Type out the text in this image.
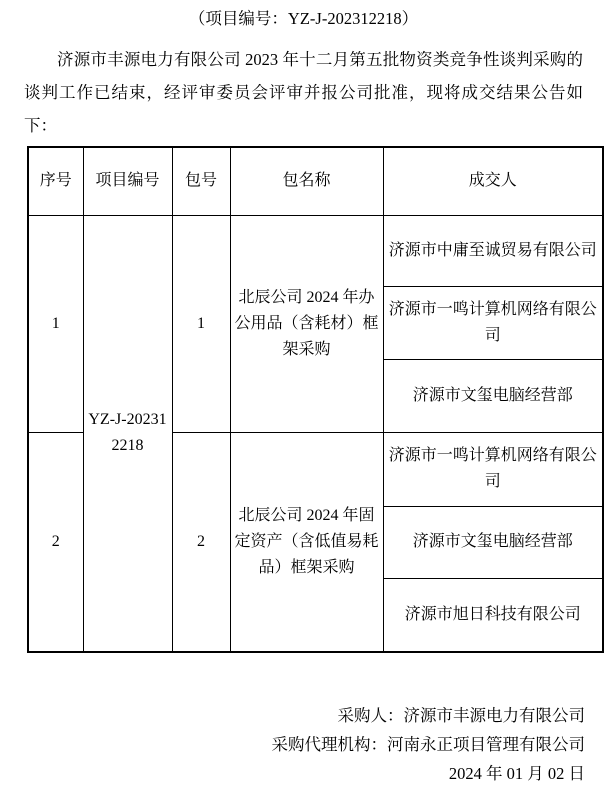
（项目编号：YZ-J-202312218）
济源市丰源电力有限公司 2023 年十二月第五批物资类竞争性谈判采购的谈判工作已结束，经评审委员会评审并报公司批准，现将成交结果公告如下：
序号	项目编号	包号	包名称	成交人
1	YZ-J-202312218	1	北辰公司 2024 年办公用品（含耗材）框架采购	济源市中庸至诚贸易有限公司
				济源市一鸣计算机网络有限公司
				济源市文玺电脑经营部
2		2	北辰公司 2024 年固定资产（含低值易耗品）框架采购	济源市一鸣计算机网络有限公司
				济源市文玺电脑经营部
				济源市旭日科技有限公司
采购人：济源市丰源电力有限公司
采购代理机构：河南永正项目管理有限公司
2024 年 01 月 02 日
